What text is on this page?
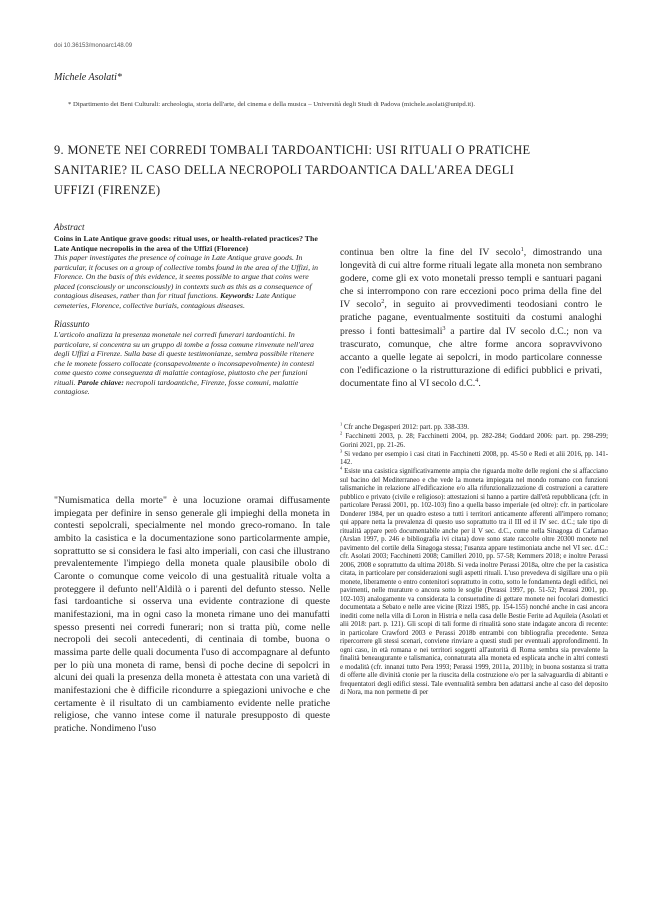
doi 10.36153/monoarc148.09
Michele Asolati*
* Dipartimento dei Beni Culturali: archeologia, storia dell'arte, del cinema e della musica – Università degli Studi di Padova (michele.asolati@unipd.it).
9. MONETE NEI CORREDI TOMBALI TARDOANTICHI: USI RITUALI O PRATICHE SANITARIE? IL CASO DELLA NECROPOLI TARDOANTICA DALL'AREA DEGLI UFFIZI (FIRENZE)
Abstract
Coins in Late Antique grave goods: ritual uses, or health-related practices? The Late Antique necropolis in the area of the Uffizi (Florence)
This paper investigates the presence of coinage in Late Antique grave goods. In particular, it focuses on a group of collective tombs found in the area of the Uffizi, in Florence. On the basis of this evidence, it seems possible to argue that coins were placed (consciously or unconsciously) in contexts such as this as a consequence of contagious diseases, rather than for ritual functions. Keywords: Late Antique cemeteries, Florence, collective burials, contagious diseases.
Riassunto
L'articolo analizza la presenza monetale nei corredi funerari tardoantichi. In particolare, si concentra su un gruppo di tombe a fossa comune rinvenute nell'area degli Uffizi a Firenze. Sulla base di queste testimonianze, sembra possibile ritenere che le monete fossero collocate (consapevolmente o inconsapevolmente) in contesti come questo come conseguenza di malattie contagiose, piuttosto che per funzioni rituali. Parole chiave: necropoli tardoantiche, Firenze, fosse comuni, malattie contagiose.
"Numismatica della morte" è una locuzione oramai diffusamente impiegata per definire in senso generale gli impieghi della moneta in contesti sepolcrali, specialmente nel mondo greco-romano. In tale ambito la casistica e la documentazione sono particolarmente ampie, soprattutto se si considera le fasi alto imperiali, con casi che illustrano prevalentemente l'impiego della moneta quale plausibile obolo di Caronte o comunque come veicolo di una gestualità rituale volta a proteggere il defunto nell'Aldilà o i parenti del defunto stesso. Nelle fasi tardoantiche si osserva una evidente contrazione di queste manifestazioni, ma in ogni caso la moneta rimane uno dei manufatti spesso presenti nei corredi funerari; non si tratta più, come nelle necropoli dei secoli antecedenti, di centinaia di tombe, buona o massima parte delle quali documenta l'uso di accompagnare al defunto per lo più una moneta di rame, bensì di poche decine di sepolcri in alcuni dei quali la presenza della moneta è attestata con una varietà di manifestazioni che è difficile ricondurre a spiegazioni univoche e che certamente è il risultato di un cambiamento evidente nelle pratiche religiose, che vanno intese come il naturale presupposto di queste pratiche. Nondimeno l'uso
continua ben oltre la fine del IV secolo$^1$, dimostrando una longevità di cui altre forme rituali legate alla moneta non sembrano godere, come gli ex voto monetali presso templi e santuari pagani che si interrompono con rare eccezioni poco prima della fine del IV secolo$^2$, in seguito ai provvedimenti teodosiani contro le pratiche pagane, eventualmente sostituiti da costumi analoghi presso i fonti battesimali$^3$ a partire dal IV secolo d.C.; non va trascurato, comunque, che altre forme ancora sopravvivono accanto a quelle legate ai sepolcri, in modo particolare connesse con l'edificazione o la ristrutturazione di edifici pubblici e privati, documentate fino al VI secolo d.C.$^4$.

$^1$ Cfr anche Degasperi 2012: part. pp. 338-339.

$^2$ Facchinetti 2003, p. 28; Facchinetti 2004, pp. 282-284; Goddard 2006: part. pp. 298-299; Gorini 2021, pp. 21-26.

$^3$ Si vedano per esempio i casi citati in Facchinetti 2008, pp. 45-50 e Redi et alii 2016, pp. 141-142.

$^4$ Esiste una casistica significativamente ampia che riguarda molte delle regioni che si affacciano sul bacino del Mediterraneo e che vede la moneta impiegata nel mondo romano con funzioni talismaniche in relazione all'edificazione e/o alla rifunzionalizzazione di costruzioni a carattere pubblico e privato (civile e religioso): attestazioni si hanno a partire dall'età repubblicana (cfr. in particolare Perassi 2001, pp. 102-103) fino a quella basso imperiale (ed oltre): cfr. in particolare Donderer 1984, per un quadro esteso a tutti i territori anticamente afferenti all'impero romano; qui appare netta la prevalenza di questo uso soprattutto tra il III ed il IV sec. d.C.; tale tipo di ritualità appare però documentabile anche per il V sec. d.C., come nella Sinagoga di Cafarnao (Arslan 1997, p. 246 e bibliografia ivi citata) dove sono state raccolte oltre 20300 monete nel pavimento del cortile della Sinagoga stessa; l'usanza appare testimoniata anche nel VI sec. d.C.: cfr. Asolati 2003; Facchinetti 2008; Camilleri 2010, pp. 57-58; Kemmers 2018; e inoltre Perassi 2006, 2008 e soprattutto da ultima 2018b. Si veda inoltre Perassi 2018a, oltre che per la casistica citata, in particolare per considerazioni sugli aspetti rituali. L'uso prevedeva di sigillare una o più monete, liberamente o entro contenitori soprattutto in cotto, sotto le fondamenta degli edifici, nei pavimenti, nelle murature o ancora sotto le soglie (Perassi 1997, pp. 51-52; Perassi 2001, pp. 102-103) analogamente va considerata la consuetudine di gettare monete nei focolari domestici documentata a Sebato e nelle aree vicine (Rizzi 1985, pp. 154-155) nonché anche in casi ancora inediti come nella villa di Loron in Histria e nella casa delle Bestie Ferite ad Aquileia (Asolati et alii 2018: part. p. 121). Gli scopi di tali forme di ritualità sono state indagate ancora di recente: in particolare Crawford 2003 e Perassi 2018b entrambi con bibliografia precedente. Senza ripercorrere gli stessi scenari, conviene rinviare a questi studi per eventuali approfondimenti. In ogni caso, in età romana e nei territori soggetti all'autorità di Roma sembra sia prevalente la finalità beneaugurante e talismanica, connaturata alla moneta ed esplicata anche in altri contesti e modalità (cfr. innanzi tutto Pera 1993; Perassi 1999, 2011a, 2011b); in buona sostanza si tratta di offerte alle divinità ctonie per la riuscita della costruzione e/o per la salvaguardia di abitanti e frequentatori degli edifici stessi. Tale eventualità sembra ben adattarsi anche al caso del deposito di Nora, ma non permette di per
